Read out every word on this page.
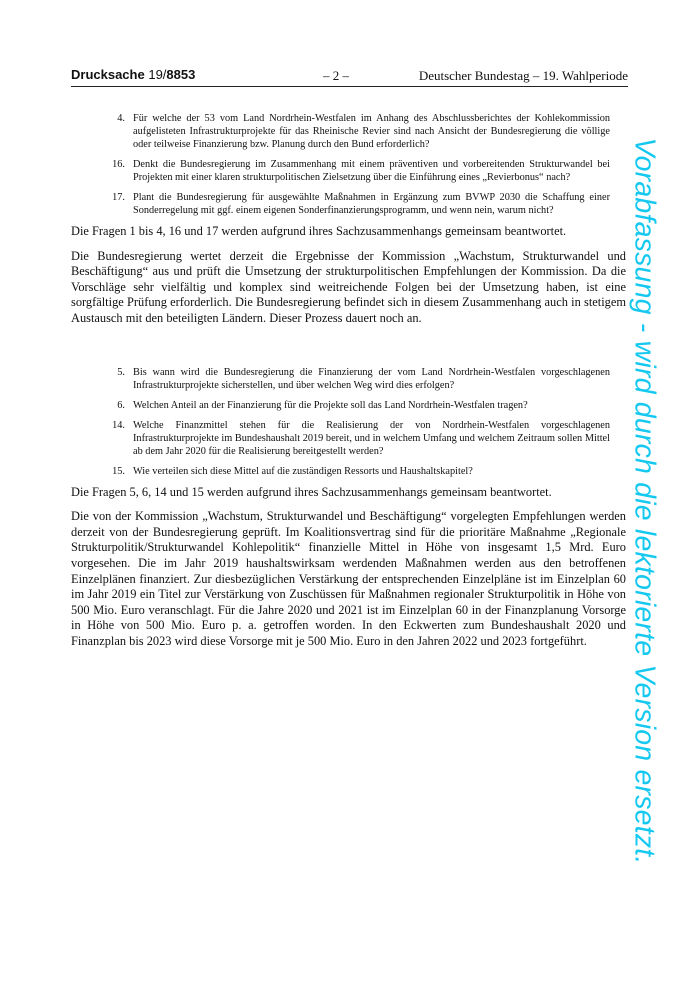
Drucksache 19/8853	– 2 –	Deutscher Bundestag – 19. Wahlperiode
4. Für welche der 53 vom Land Nordrhein-Westfalen im Anhang des Abschlussberichtes der Kohlekommission aufgelisteten Infrastrukturprojekte für das Rheinische Revier sind nach Ansicht der Bundesregierung die völlige oder teilweise Finanzierung bzw. Planung durch den Bund erforderlich?
16. Denkt die Bundesregierung im Zusammenhang mit einem präventiven und vorbereitenden Strukturwandel bei Projekten mit einer klaren strukturpolitischen Zielsetzung über die Einführung eines „Revierbonus“ nach?
17. Plant die Bundesregierung für ausgewählte Maßnahmen in Ergänzung zum BVWP 2030 die Schaffung einer Sonderregelung mit ggf. einem eigenen Sonderfinanzierungsprogramm, und wenn nein, warum nicht?

Die Fragen 1 bis 4, 16 und 17 werden aufgrund ihres Sachzusammenhangs gemeinsam beantwortet.

Die Bundesregierung wertet derzeit die Ergebnisse der Kommission „Wachstum, Strukturwandel und Beschäftigung“ aus und prüft die Umsetzung der strukturpolitischen Empfehlungen der Kommission. Da die Vorschläge sehr vielfältig und komplex sind weitreichende Folgen bei der Umsetzung haben, ist eine sorgfältige Prüfung erforderlich. Die Bundesregierung befindet sich in diesem Zusammenhang auch in stetigem Austausch mit den beteiligten Ländern. Dieser Prozess dauert noch an.

5. Bis wann wird die Bundesregierung die Finanzierung der vom Land Nordrhein-Westfalen vorgeschlagenen Infrastrukturprojekte sicherstellen, und über welchen Weg wird dies erfolgen?
6. Welchen Anteil an der Finanzierung für die Projekte soll das Land Nordrhein-Westfalen tragen?
14. Welche Finanzmittel stehen für die Realisierung der von Nordrhein-Westfalen vorgeschlagenen Infrastrukturprojekte im Bundeshaushalt 2019 bereit, und in welchem Umfang und welchem Zeitraum sollen Mittel ab dem Jahr 2020 für die Realisierung bereitgestellt werden?
15. Wie verteilen sich diese Mittel auf die zuständigen Ressorts und Haushaltskapitel?

Die Fragen 5, 6, 14 und 15 werden aufgrund ihres Sachzusammenhangs gemeinsam beantwortet.

Die von der Kommission „Wachstum, Strukturwandel und Beschäftigung“ vorgelegten Empfehlungen werden derzeit von der Bundesregierung geprüft. Im Koalitionsvertrag sind für die prioritäre Maßnahme „Regionale Strukturpolitik/Strukturwandel Kohlepolitik“ finanzielle Mittel in Höhe von insgesamt 1,5 Mrd. Euro vorgesehen. Die im Jahr 2019 haushaltswirksam werdenden Maßnahmen werden aus den betroffenen Einzelplänen finanziert. Zur diesbezüglichen Verstärkung der entsprechenden Einzelpläne ist im Einzelplan 60 im Jahr 2019 ein Titel zur Verstärkung von Zuschüssen für Maßnahmen regionaler Strukturpolitik in Höhe von 500 Mio. Euro veranschlagt. Für die Jahre 2020 und 2021 ist im Einzelplan 60 in der Finanzplanung Vorsorge in Höhe von 500 Mio. Euro p. a. getroffen worden. In den Eckwerten zum Bundeshaushalt 2020 und Finanzplan bis 2023 wird diese Vorsorge mit je 500 Mio. Euro in den Jahren 2022 und 2023 fortgeführt.	Vorabfassung - wird durch die lektorierte Version ersetzt.
